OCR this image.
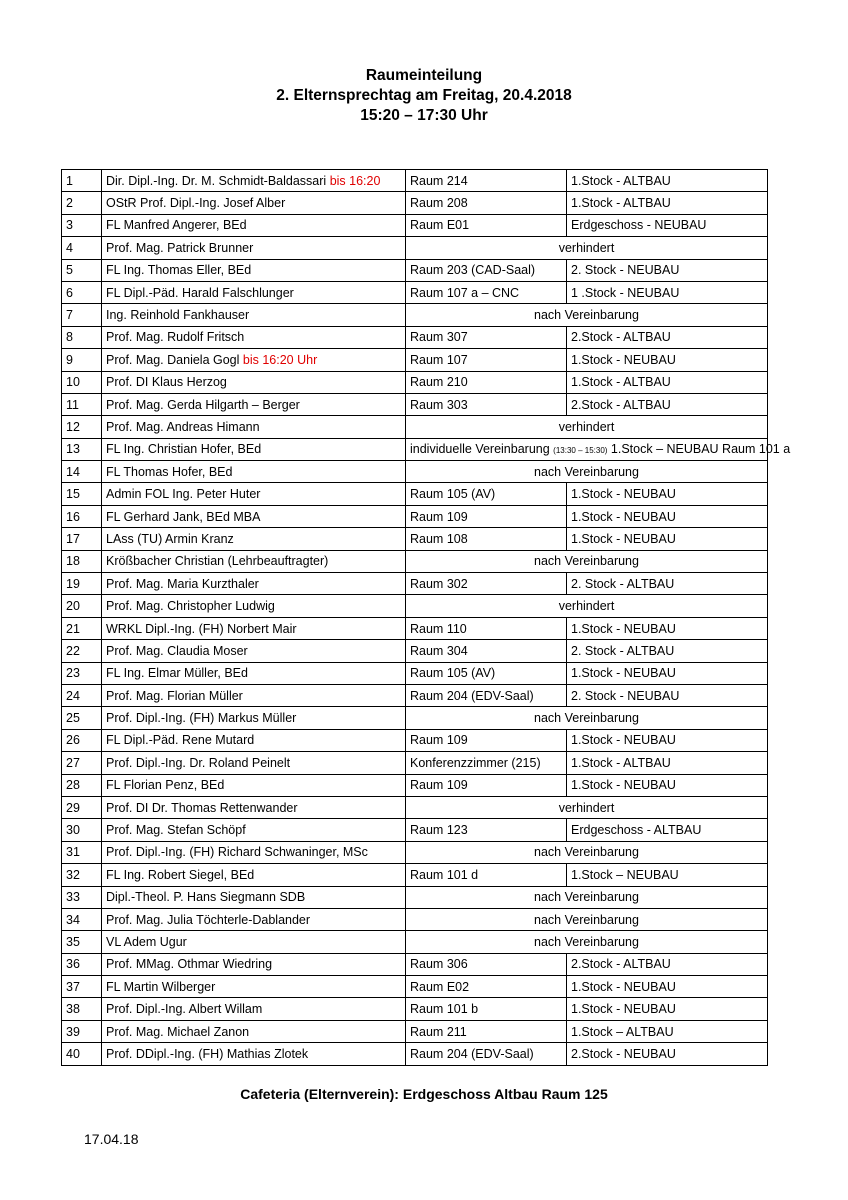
Raumeinteilung
2. Elternsprechtag am Freitag, 20.4.2018
15:20 – 17:30 Uhr
1	Dir. Dipl.-Ing. Dr. M. Schmidt-Baldassari bis 16:20	Raum 214	1.Stock - ALTBAU
2	OStR Prof. Dipl.-Ing. Josef Alber	Raum 208	1.Stock - ALTBAU
3	FL Manfred Angerer, BEd	Raum E01	Erdgeschoss - NEUBAU
4	Prof. Mag. Patrick Brunner	verhindert	
5	FL Ing. Thomas Eller, BEd	Raum 203 (CAD-Saal)	2. Stock - NEUBAU
6	FL Dipl.-Päd. Harald Falschlunger	Raum 107 a – CNC	1 .Stock - NEUBAU
7	Ing. Reinhold Fankhauser	nach Vereinbarung	
8	Prof. Mag. Rudolf Fritsch	Raum 307	2.Stock - ALTBAU
9	Prof. Mag. Daniela Gogl bis 16:20 Uhr	Raum 107	1.Stock - NEUBAU
10	Prof. DI Klaus Herzog	Raum 210	1.Stock - ALTBAU
11	Prof. Mag. Gerda Hilgarth – Berger	Raum 303	2.Stock - ALTBAU
12	Prof. Mag. Andreas Himann	verhindert	
13	FL Ing. Christian Hofer, BEd	individuelle Vereinbarung (13:30 – 15:30) 1.Stock – NEUBAU Raum 101 a	
14	FL Thomas Hofer, BEd	nach Vereinbarung	
15	Admin FOL Ing. Peter Huter	Raum 105 (AV)	1.Stock - NEUBAU
16	FL Gerhard Jank, BEd MBA	Raum 109	1.Stock - NEUBAU
17	LAss (TU) Armin Kranz	Raum 108	1.Stock - NEUBAU
18	Krößbacher Christian (Lehrbeauftragter)	nach Vereinbarung	
19	Prof. Mag. Maria Kurzthaler	Raum 302	2. Stock - ALTBAU
20	Prof. Mag. Christopher Ludwig	verhindert	
21	WRKL Dipl.-Ing. (FH) Norbert Mair	Raum 110	1.Stock - NEUBAU
22	Prof. Mag. Claudia Moser	Raum 304	2. Stock - ALTBAU
23	FL Ing. Elmar Müller, BEd	Raum 105 (AV)	1.Stock - NEUBAU
24	Prof. Mag. Florian Müller	Raum 204 (EDV-Saal)	2. Stock - NEUBAU
25	Prof. Dipl.-Ing. (FH) Markus Müller	nach Vereinbarung	
26	FL Dipl.-Päd. Rene Mutard	Raum 109	1.Stock - NEUBAU
27	Prof. Dipl.-Ing. Dr. Roland Peinelt	Konferenzzimmer (215)	1.Stock - ALTBAU
28	FL Florian Penz, BEd	Raum 109	1.Stock - NEUBAU
29	Prof. DI Dr. Thomas Rettenwander	verhindert	
30	Prof. Mag. Stefan Schöpf	Raum 123	Erdgeschoss - ALTBAU
31	Prof. Dipl.-Ing. (FH) Richard Schwaninger, MSc	nach Vereinbarung	
32	FL Ing. Robert Siegel, BEd	Raum 101 d	1.Stock – NEUBAU
33	Dipl.-Theol. P. Hans Siegmann SDB	nach Vereinbarung	
34	Prof. Mag. Julia Töchterle-Dablander	nach Vereinbarung	
35	VL Adem Ugur	nach Vereinbarung	
36	Prof. MMag. Othmar Wiedring	Raum 306	2.Stock - ALTBAU
37	FL Martin Wilberger	Raum E02	1.Stock - NEUBAU
38	Prof. Dipl.-Ing. Albert Willam	Raum 101 b	1.Stock - NEUBAU
39	Prof. Mag. Michael Zanon	Raum 211	1.Stock – ALTBAU
40	Prof. DDipl.-Ing. (FH) Mathias Zlotek	Raum 204 (EDV-Saal)	2.Stock - NEUBAU
Cafeteria (Elternverein): Erdgeschoss Altbau Raum 125
17.04.18
